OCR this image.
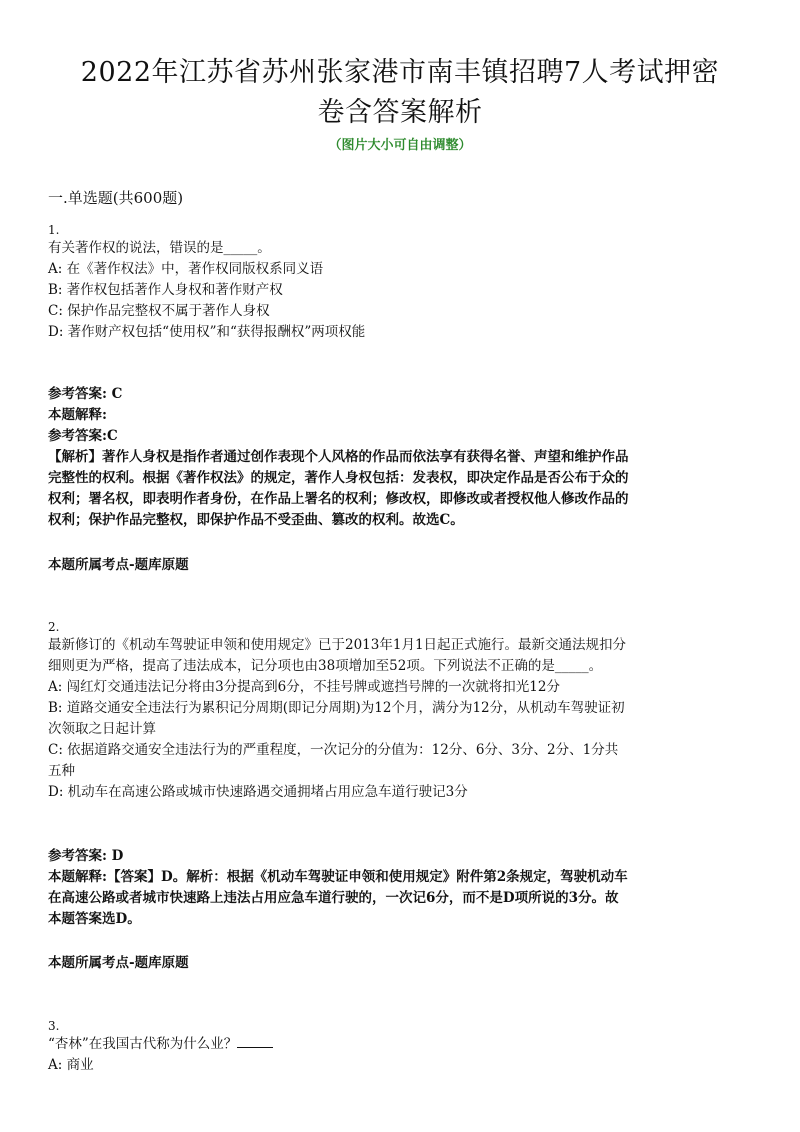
2022年江苏省苏州张家港市南丰镇招聘7人考试押密
卷含答案解析
（图片大小可自由调整）
一.单选题(共600题)
1.
有关著作权的说法，错误的是_____。
A: 在《著作权法》中，著作权同版权系同义语
B: 著作权包括著作人身权和著作财产权
C: 保护作品完整权不属于著作人身权
D: 著作财产权包括“使用权”和“获得报酬权”两项权能
参考答案: C
本题解释:
参考答案:C
【解析】著作人身权是指作者通过创作表现个人风格的作品而依法享有获得名誉、声望和维护作品
完整性的权利。根据《著作权法》的规定，著作人身权包括：发表权，即决定作品是否公布于众的
权利；署名权，即表明作者身份，在作品上署名的权利；修改权，即修改或者授权他人修改作品的
权利；保护作品完整权，即保护作品不受歪曲、篡改的权利。故选C。
本题所属考点-题库原题
2.
最新修订的《机动车驾驶证申领和使用规定》已于2013年1月1日起正式施行。最新交通法规扣分
细则更为严格，提高了违法成本，记分项也由38项增加至52项。下列说法不正确的是_____。
A: 闯红灯交通违法记分将由3分提高到6分，不挂号牌或遮挡号牌的一次就将扣光12分
B: 道路交通安全违法行为累积记分周期(即记分周期)为12个月，满分为12分，从机动车驾驶证初
次领取之日起计算
C: 依据道路交通安全违法行为的严重程度，一次记分的分值为：12分、6分、3分、2分、1分共
五种
D: 机动车在高速公路或城市快速路遇交通拥堵占用应急车道行驶记3分
参考答案: D
本题解释:【答案】D。解析：根据《机动车驾驶证申领和使用规定》附件第2条规定，驾驶机动车
在高速公路或者城市快速路上违法占用应急车道行驶的，一次记6分，而不是D项所说的3分。故
本题答案选D。
本题所属考点-题库原题
3.
“杏林”在我国古代称为什么业？
A: 商业
